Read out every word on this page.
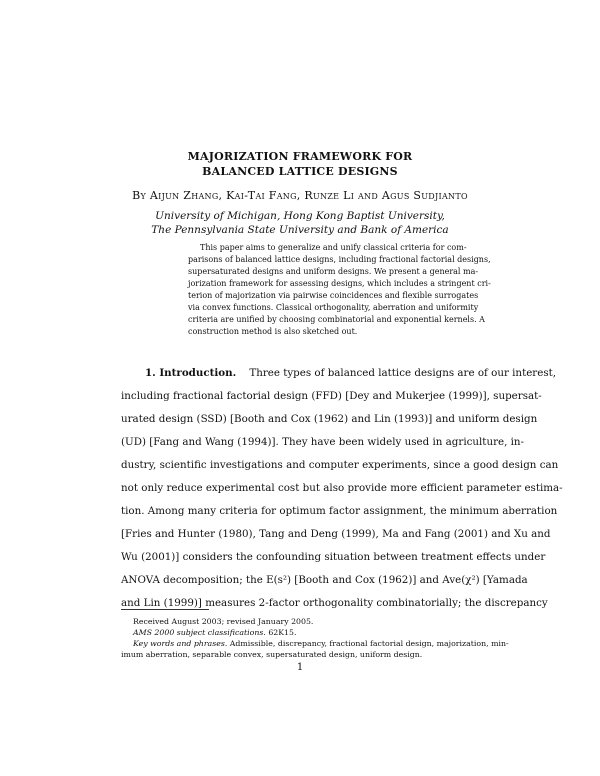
MAJORIZATION FRAMEWORK FOR
BALANCED LATTICE DESIGNS
By Aijun Zhang, Kai-Tai Fang, Runze Li and Agus Sudjianto
University of Michigan, Hong Kong Baptist University,
The Pennsylvania State University and Bank of America
This paper aims to generalize and unify classical criteria for com-
parisons of balanced lattice designs, including fractional factorial designs,
supersaturated designs and uniform designs. We present a general ma-
jorization framework for assessing designs, which includes a stringent cri-
terion of majorization via pairwise coincidences and flexible surrogates
via convex functions. Classical orthogonality, aberration and uniformity
criteria are unified by choosing combinatorial and exponential kernels. A
construction method is also sketched out.
1. Introduction. Three types of balanced lattice designs are of our interest,
including fractional factorial design (FFD) [Dey and Mukerjee (1999)], supersat-
urated design (SSD) [Booth and Cox (1962) and Lin (1993)] and uniform design
(UD) [Fang and Wang (1994)]. They have been widely used in agriculture, in-
dustry, scientific investigations and computer experiments, since a good design can
not only reduce experimental cost but also provide more efficient parameter estima-
tion. Among many criteria for optimum factor assignment, the minimum aberration
[Fries and Hunter (1980), Tang and Deng (1999), Ma and Fang (2001) and Xu and
Wu (2001)] considers the confounding situation between treatment effects under
ANOVA decomposition; the E(s²) [Booth and Cox (1962)] and Ave(χ²) [Yamada
and Lin (1999)] measures 2-factor orthogonality combinatorially; the discrepancy
Received August 2003; revised January 2005.
AMS 2000 subject classifications. 62K15.
Key words and phrases. Admissible, discrepancy, fractional factorial design, majorization, min-
imum aberration, separable convex, supersaturated design, uniform design.
1
